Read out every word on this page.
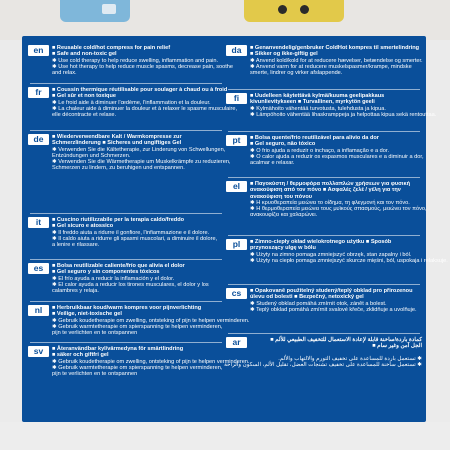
en	■ Reusable cold/hot compress for pain relief
■ Safe and non-toxic gel
✱ Use cold therapy to help reduce swelling, inflammation and pain.
✱ Use hot therapy to help reduce muscle spasms, decrease pain, soothe
and relax.
fr	■ Coussin thermique réutilisable pour soulager à chaud ou à froid
■ Gel sûr et non toxique
✱ Le froid aide à diminuer l'œdème, l'inflammation et la douleur.
✱ La chaleur aide à diminuer la douleur et à relaxer le spasme musculaire,
elle décontracte et relaxe.
de	■ Wiederverwendbare Kalt / Warmkompresse zur
Schmerzlinderung ■ Sicheres und ungiftiges Gel
✱ Verwenden Sie die Kältetherapie, zur Linderung von Schwellungen,
Entzündungen und Schmerzen.
✱ Verwenden Sie die Wärmetherapie um Muskelkrämpfe zu reduzieren,
Schmerzen zu lindern, zu beruhigen und entspannen.
it	■ Cuscino riutilizzabile per la terapia caldo/freddo
■ Gel sicuro e atossico
✱ Il freddo aiuta a ridurre il gonfiore, l'infiammazione e il dolore.
✱ Il caldo aiuta a ridurre gli spasmi muscolari, a diminuire il dolore,
a lenire e rilassare.
es	■ Bolsa reutilizable caliente/frío que alivia el dolor
■ Gel seguro y sin componentes tóxicos
✱ El frío ayuda a reducir la inflamación y el dolor.
✱ El calor ayuda a reducir los tirones musculares, el dolor y los
calambres y relaja.
nl	■ Herbruikbaar koud/warm kompres voor pijnverlichting
■ Veilige, niet-toxische gel
✱ Gebruik koudetherapie om zwelling, ontsteking of pijn te helpen verminderen.
✱ Gebruik warmtetherapie om spierspanning te helpen verminderen,
pijn te verlichten en te ontspannen
sv	■ Återanvändbar kyl/värmedyna för smärtlindring
■ säker och giftfri gel
✱ Gebruik koudetherapie om zwelling, ontsteking of pijn te helpen verminderen.
✱ Gebruik warmtetherapie om spierspanning te helpen verminderen,
pijn te verlichten en te ontspannen
da	■ Genanvendelig/genbruker ColdHot kompres til smertelindring
■ Sikker og ikke-giftig gel
✱ Anvend kold/kold for at reducere hævelser, betændelse og smerter.
✱ Anvend varm for at reducere muskelspasmer/krampe, mindske
smerte, lindrer og virker afslappende.
fi	■ Uudelleen käytettävä kylmä/kuuma geelipakkaus
kivunlievitykseen ■ Turvallinen, myrkytön geeli
✱ Kylmähoito vähentää turvotusta, tulehdusta ja kipua.
✱ Lämpöhoito vähentää lihaskramppeja ja helpottaa kipua sekä rentouttaa.
pt	■ Bolsa quente/frio reutilizável para alívio da dor
■ Gel seguro, não tóxico
✱ O frio ajuda a reduzir o inchaço, a inflamação e a dor.
✱ O calor ajuda a reduzir os espasmos musculares e a diminuir a dor,
acalmar e relaxar.
el	■ Παγοκύστη / θερμοφόρα πολλαπλών χρήσεων για φυσική
ανακούφιση από τον πόνο ■ Ασφαλές ζελέ / γέλη για την
ανακούφιση του πόνου
✱ Η κρυοθεραπεία μειώνει το οίδημα, τη φλεγμονή και τον πόνο.
✱ Η θερμοθεραπεία μειώνει τους μυϊκούς σπασμούς, μειώνει τον πόνο,
ανακουφίζει και χαλαρώνει.
pl	■ Zimno-ciepły okład wielokrotnego użytku ■ Sposób
przynoszący ulgę w bólu
✱ Użyty na zimno pomaga zmniejszyć obrzęk, stan zapalny i ból.
✱ Użyty na ciepło pomaga zmniejszyć skurcze mięśni, ból, uspokaja i relaksuje.
cs	■ Opakovaně použitelný studený/teplý obklad pro přirozenou
úlevu od bolesti ■ Bezpečný, netoxický gel
✱ Studený obklad pomáhá zmírnit otok, zánět a bolest.
✱ Teplý obklad pomáhá zmírnit svalové křeče, zklidňuje a uvolňuje.
ar	كمادة باردة/ساخنة قابلة لإعادة الاستعمال للتخفيف الطبيعي للألم ■
الجل آمن وغير سام ■
✱ تستعمل باردة للمساعدة على تخفيف التورم والالتهاب والألم.
✱ تستعمل ساخنة للمساعدة على تخفيف تشنجات العضل، تقليل الألم، السكون والراحة
